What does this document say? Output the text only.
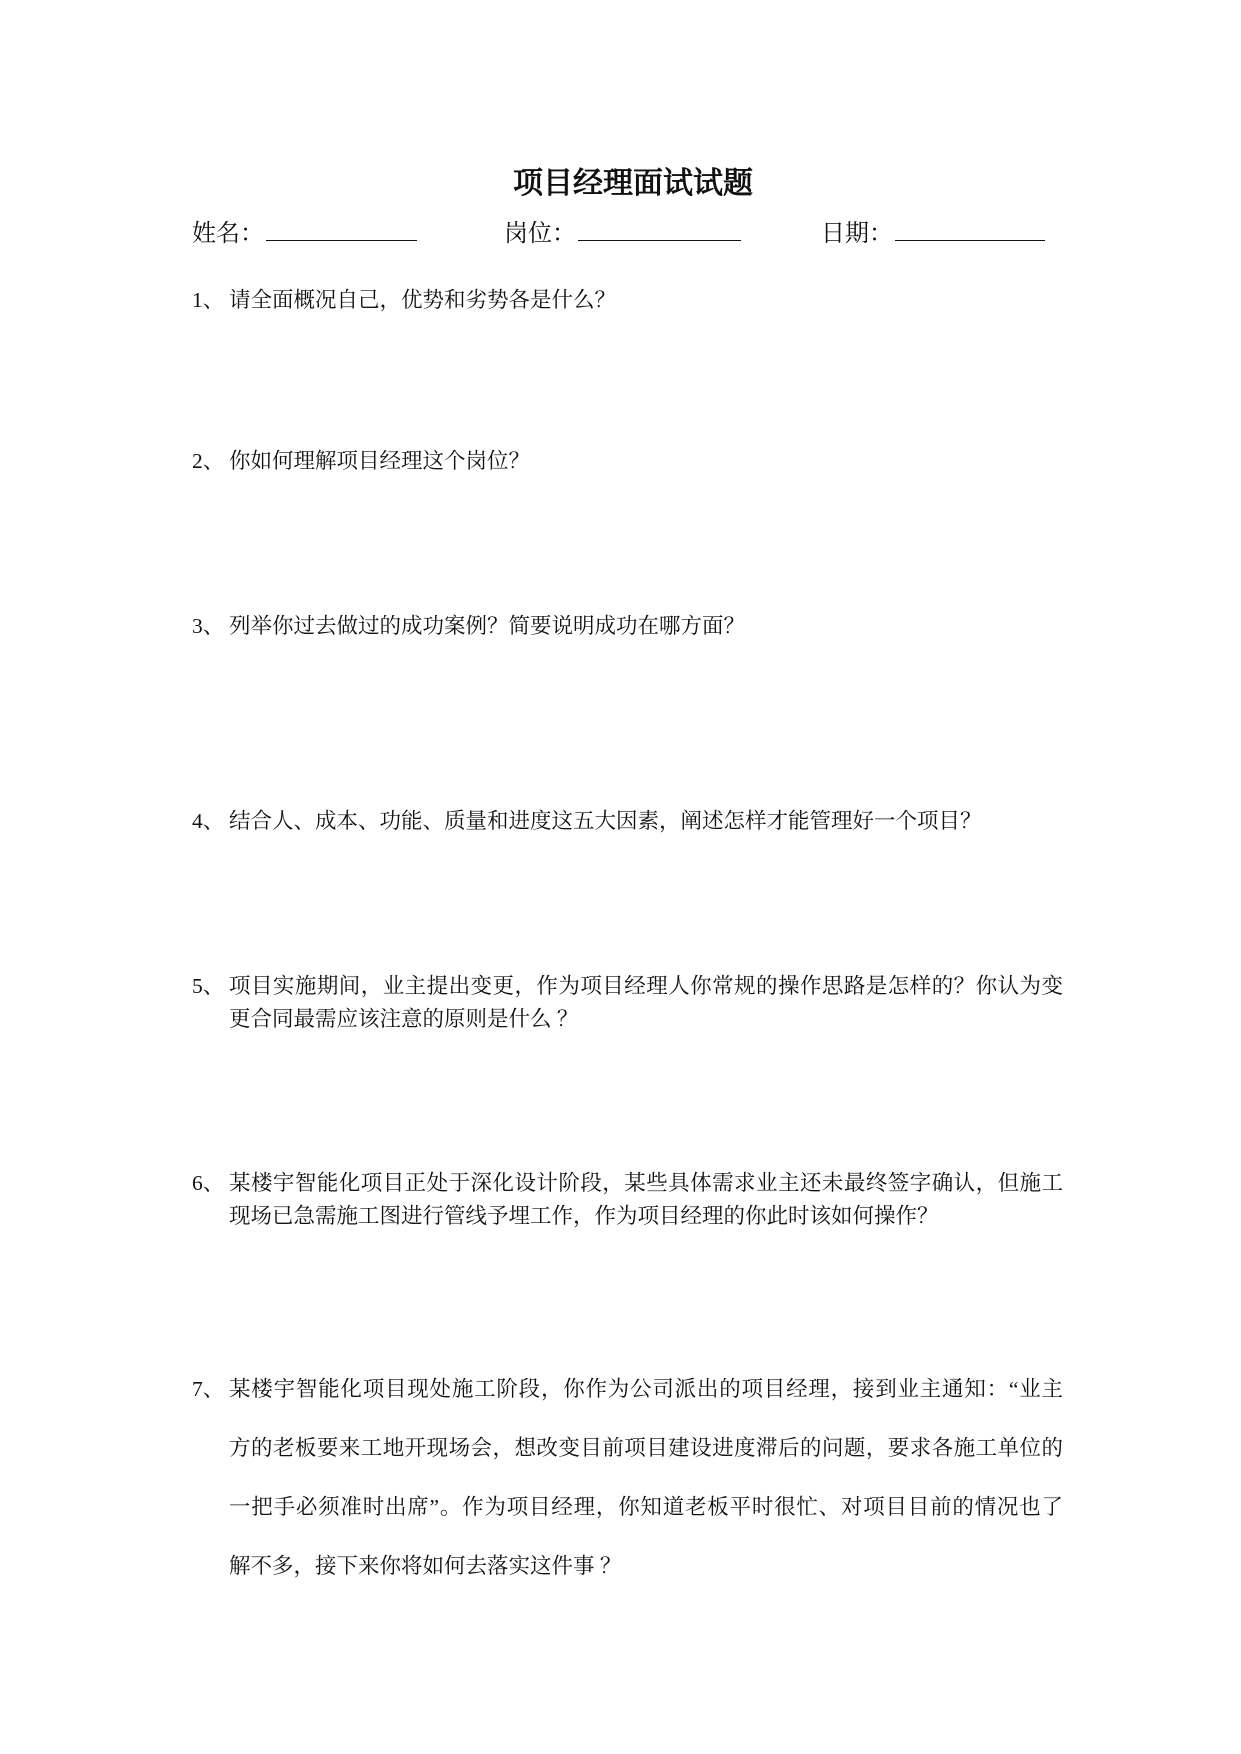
项目经理面试试题
姓名：	岗位：	日期：
1、 请全面概况自己，优势和劣势各是什么？
2、 你如何理解项目经理这个岗位？
3、 列举你过去做过的成功案例？简要说明成功在哪方面？
4、 结合人、成本、功能、质量和进度这五大因素，阐述怎样才能管理好一个项目？
5、 项目实施期间，业主提出变更，作为项目经理人你常规的操作思路是怎样的？你认为变
更合同最需应该注意的原则是什么 ？
6、 某楼宇智能化项目正处于深化设计阶段，某些具体需求业主还未最终签字确认，但施工
现场已急需施工图进行管线予埋工作，作为项目经理的你此时该如何操作？
7、 某楼宇智能化项目现处施工阶段，你作为公司派出的项目经理，接到业主通知：“业主
方的老板要来工地开现场会，想改变目前项目建设进度滞后的问题，要求各施工单位的
一把手必须准时出席”。作为项目经理，你知道老板平时很忙、对项目目前的情况也了
解不多，接下来你将如何去落实这件事 ？
